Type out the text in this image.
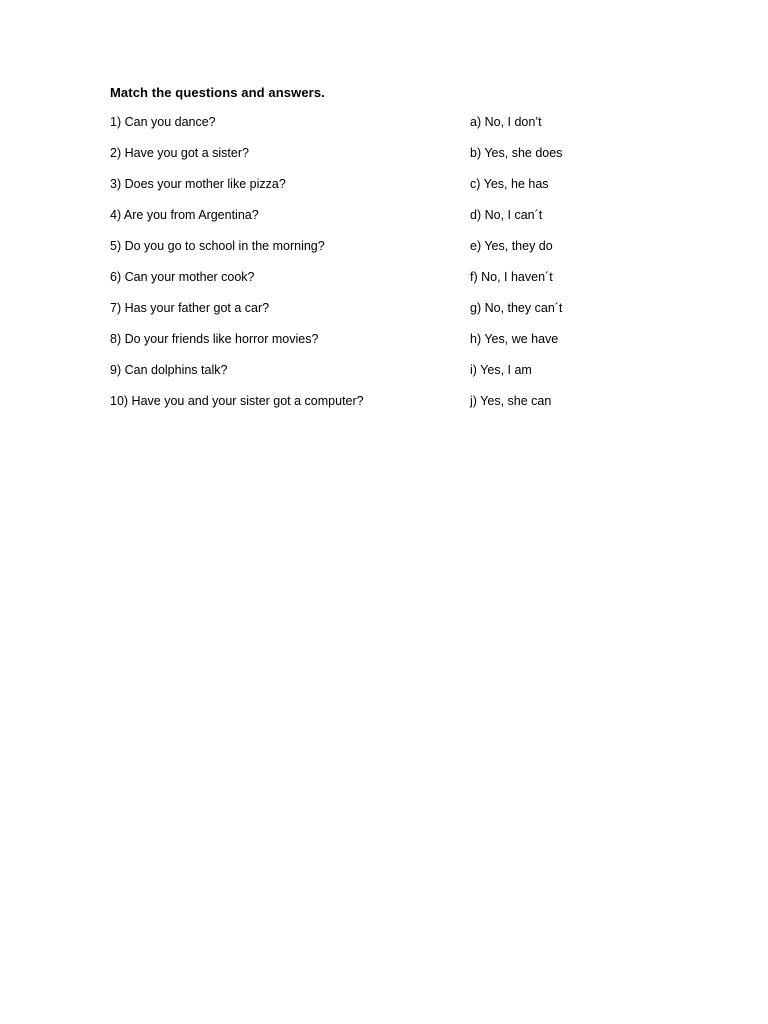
Match the questions and answers.
1) Can you dance?	a) No, I don’t
2) Have you got a sister?	b) Yes, she does
3) Does your mother like pizza?	c) Yes, he has
4) Are you from Argentina?	d) No, I can´t
5) Do you go to school in the morning?	e) Yes, they do
6) Can your mother cook?	f) No, I haven´t
7) Has your father got a car?	g) No, they can´t
8) Do your friends like horror movies?	h) Yes, we have
9) Can dolphins talk?	i) Yes, I am
10) Have you and your sister got a computer?	j) Yes, she can
